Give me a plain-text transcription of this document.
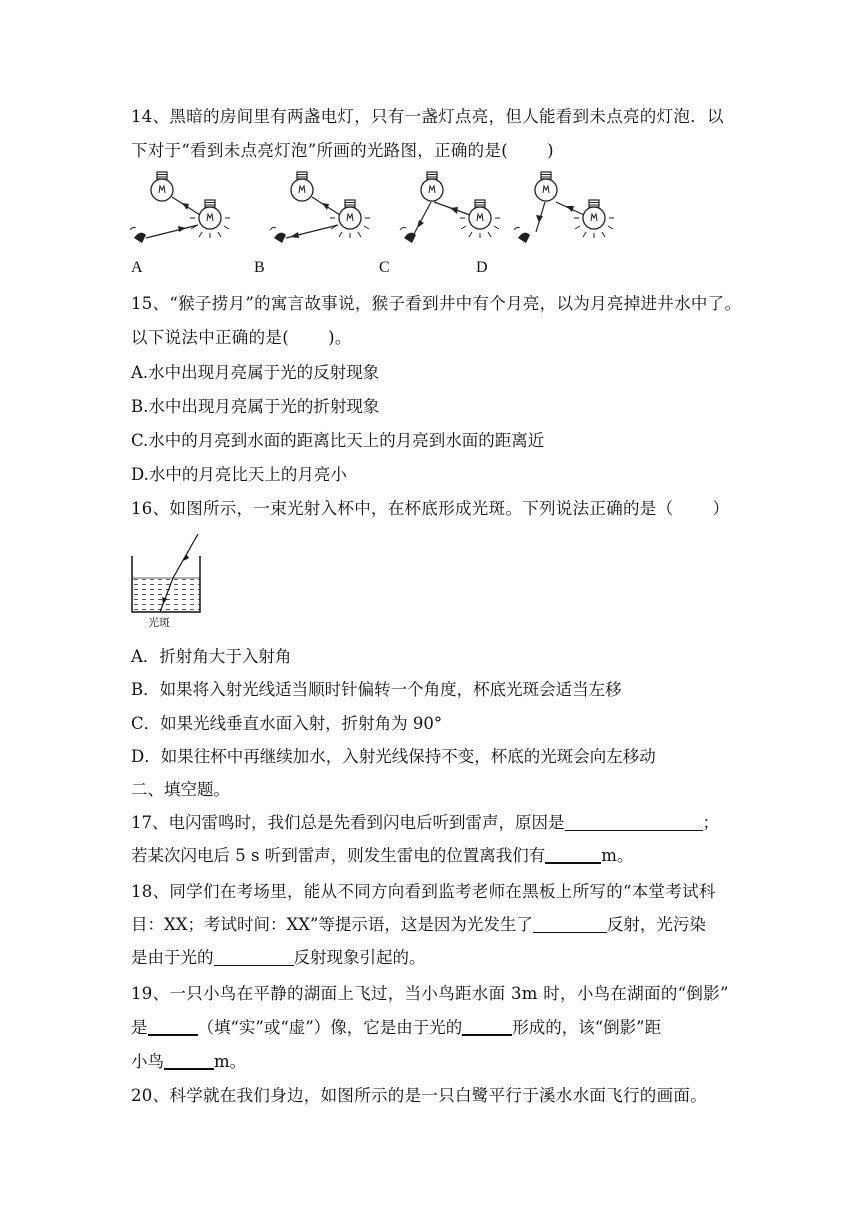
14、黑暗的房间里有两盏电灯，只有一盏灯点亮，但人能看到未点亮的灯泡．以
下对于“看到未点亮灯泡”所画的光路图，正确的是(　　 )
A	B	C	D
15、“猴子捞月”的寓言故事说，猴子看到井中有个月亮，以为月亮掉进井水中了。
以下说法中正确的是(　　 )。
A.水中出现月亮属于光的反射现象
B.水中出现月亮属于光的折射现象
C.水中的月亮到水面的距离比天上的月亮到水面的距离近
D.水中的月亮比天上的月亮小
16、如图所示，一束光射入杯中，在杯底形成光斑。下列说法正确的是（　　 ）
光斑
A．折射角大于入射角
B．如果将入射光线适当顺时针偏转一个角度，杯底光斑会适当左移
C．如果光线垂直水面入射，折射角为 90°
D．如果往杯中再继续加水，入射光线保持不变，杯底的光斑会向左移动
二、填空题。
17、电闪雷鸣时，我们总是先看到闪电后听到雷声，原因是	；
若某次闪电后 5 s 听到雷声，则发生雷电的位置离我们有	m。
18、同学们在考场里，能从不同方向看到监考老师在黑板上所写的“本堂考试科
目：XX；考试时间：XX”等提示语，这是因为光发生了	反射，光污染
是由于光的	反射现象引起的。
19、一只小鸟在平静的湖面上飞过，当小鸟距水面 3m 时，小鸟在湖面的“倒影”
是	（填“实”或“虚”）像，它是由于光的	形成的，该“倒影”距
小鸟	m。
20、科学就在我们身边，如图所示的是一只白鹭平行于溪水水面飞行的画面。
